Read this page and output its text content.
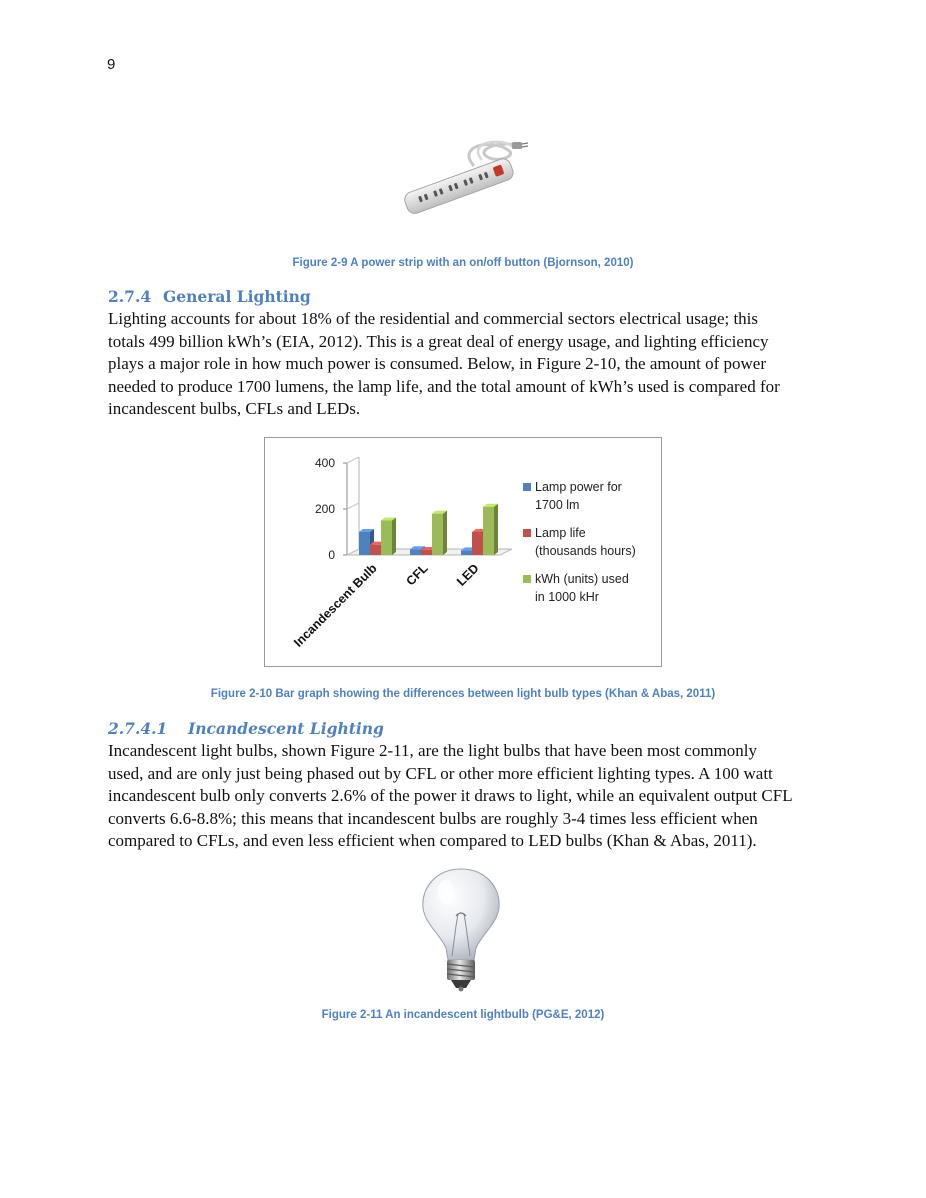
9
Figure 2-9 A power strip with an on/off button (Bjornson, 2010)
2.7.4 General Lighting
Lighting accounts for about 18% of the residential and commercial sectors electrical usage; this
totals 499 billion kWh’s (EIA, 2012). This is a great deal of energy usage, and lighting efficiency
plays a major role in how much power is consumed. Below, in Figure 2-10, the amount of power
needed to produce 1700 lumens, the lamp life, and the total amount of kWh’s used is compared for
incandescent bulbs, CFLs and LEDs.
0
200
400
Incandescent Bulb CFL LED
Lamp power for
1700 lm
Lamp life
(thousands hours)
kWh (units) used
in 1000 kHr
Figure 2-10 Bar graph showing the differences between light bulb types (Khan & Abas, 2011)
2.7.4.1 Incandescent Lighting
Incandescent light bulbs, shown Figure 2-11, are the light bulbs that have been most commonly
used, and are only just being phased out by CFL or other more efficient lighting types. A 100 watt
incandescent bulb only converts 2.6% of the power it draws to light, while an equivalent output CFL
converts 6.6-8.8%; this means that incandescent bulbs are roughly 3-4 times less efficient when
compared to CFLs, and even less efficient when compared to LED bulbs (Khan & Abas, 2011).
Figure 2-11 An incandescent lightbulb (PG&E, 2012)
